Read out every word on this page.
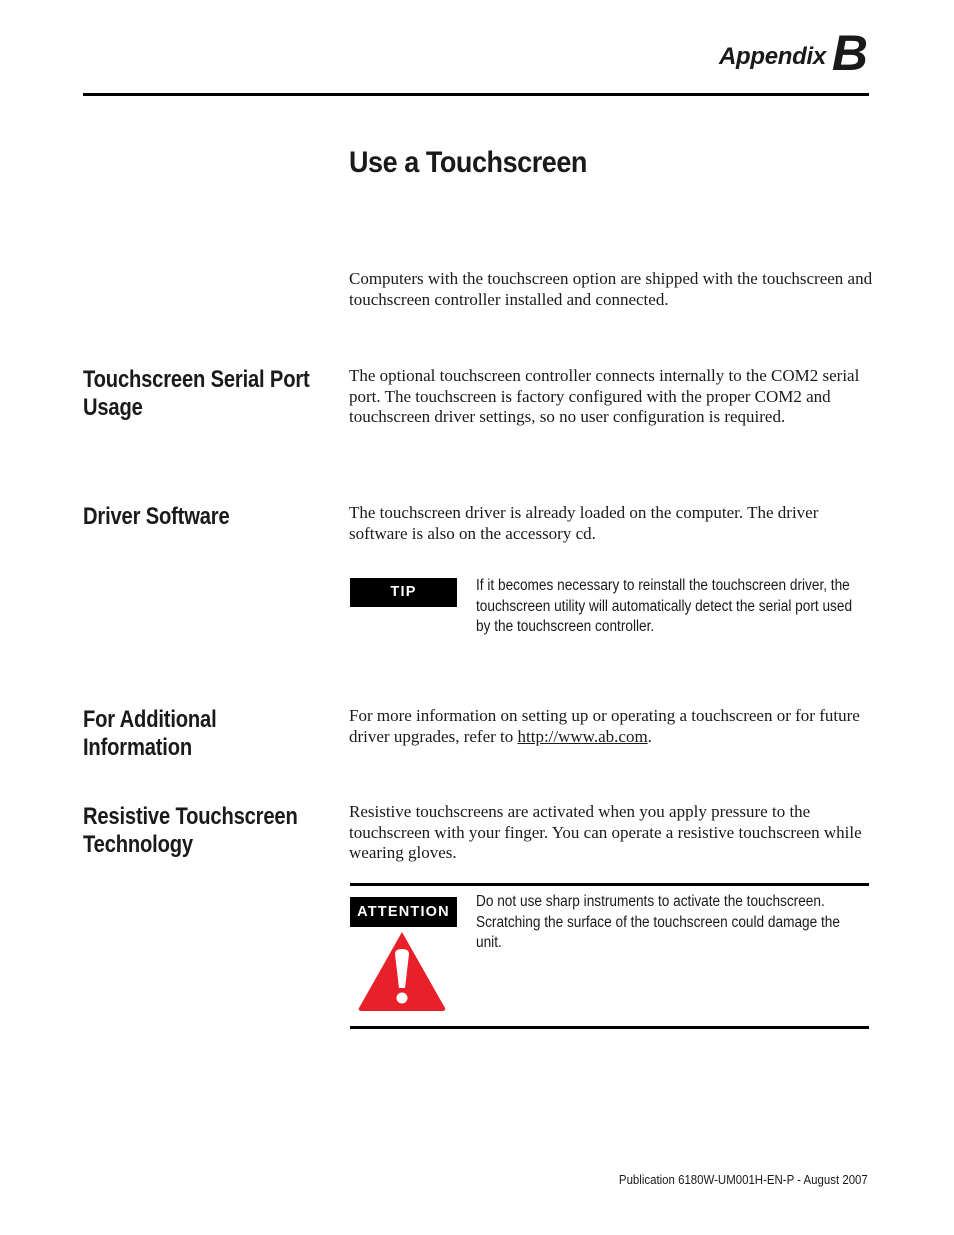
Appendix B
Use a Touchscreen
Computers with the touchscreen option are shipped with the touchscreen and touchscreen controller installed and connected.
Touchscreen Serial Port Usage
The optional touchscreen controller connects internally to the COM2 serial port. The touchscreen is factory configured with the proper COM2 and touchscreen driver settings, so no user configuration is required.
Driver Software	The touchscreen driver is already loaded on the computer. The driver software is also on the accessory cd.
TIP	If it becomes necessary to reinstall the touchscreen driver, the
touchscreen utility will automatically detect the serial port used
by the touchscreen controller.
For Additional Information
For more information on setting up or operating a touchscreen or for future driver upgrades, refer to http://www.ab.com.
Resistive Touchscreen Technology
Resistive touchscreens are activated when you apply pressure to the touchscreen with your finger. You can operate a resistive touchscreen while wearing gloves.
ATTENTION
Do not use sharp instruments to activate the touchscreen.
Scratching the surface of the touchscreen could damage the
unit.
Publication 6180W-UM001H-EN-P - August 2007
